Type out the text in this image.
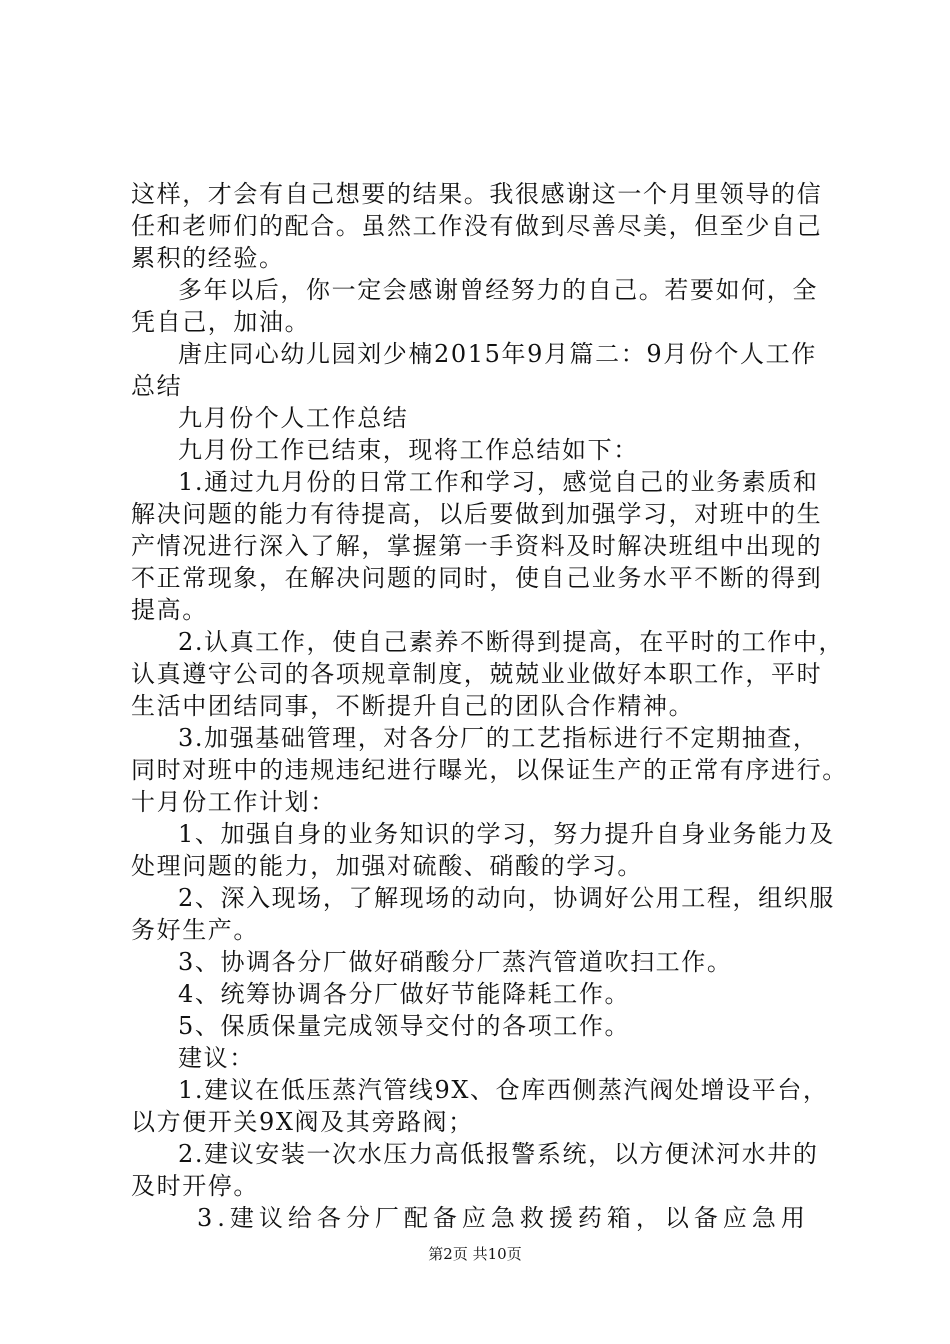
这样，才会有自己想要的结果。我很感谢这一个月里领导的信
任和老师们的配合。虽然工作没有做到尽善尽美，但至少自己
累积的经验。
多年以后，你一定会感谢曾经努力的自己。若要如何，全
凭自己，加油。
唐庄同心幼儿园刘少楠2015年9月篇二：9月份个人工作
总结
九月份个人工作总结
九月份工作已结束，现将工作总结如下：
1.通过九月份的日常工作和学习，感觉自己的业务素质和
解决问题的能力有待提高，以后要做到加强学习，对班中的生
产情况进行深入了解，掌握第一手资料及时解决班组中出现的
不正常现象，在解决问题的同时，使自己业务水平不断的得到
提高。
2.认真工作，使自己素养不断得到提高，在平时的工作中，
认真遵守公司的各项规章制度，兢兢业业做好本职工作，平时
生活中团结同事，不断提升自己的团队合作精神。
3.加强基础管理，对各分厂的工艺指标进行不定期抽查，
同时对班中的违规违纪进行曝光，以保证生产的正常有序进行。
十月份工作计划：
1、加强自身的业务知识的学习，努力提升自身业务能力及
处理问题的能力，加强对硫酸、硝酸的学习。
2、深入现场，了解现场的动向，协调好公用工程，组织服
务好生产。
3、协调各分厂做好硝酸分厂蒸汽管道吹扫工作。
4、统筹协调各分厂做好节能降耗工作。
5、保质保量完成领导交付的各项工作。
建议：
1.建议在低压蒸汽管线9X、仓库西侧蒸汽阀处增设平台，
以方便开关9X阀及其旁路阀；
2.建议安装一次水压力高低报警系统，以方便沭河水井的
及时开停。
3.建议给各分厂配备应急救援药箱，以备应急用
第2页 共10页
